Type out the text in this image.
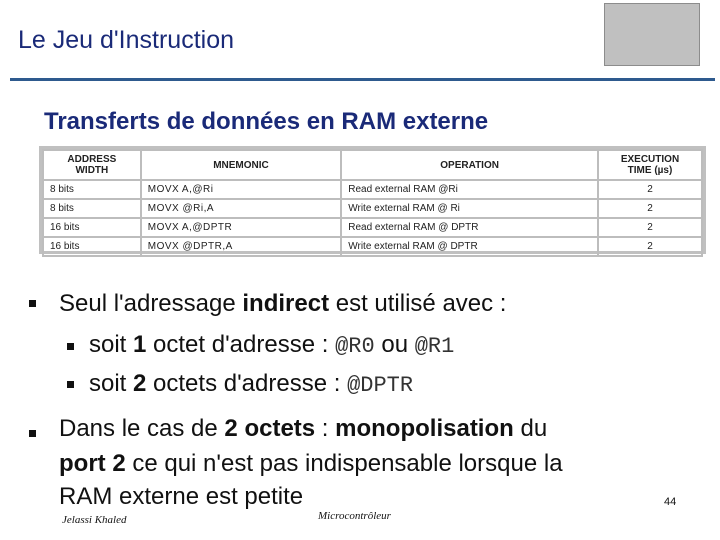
Le Jeu d'Instruction
Transferts de données en RAM externe
ADDRESS
WIDTH	MNEMONIC	OPERATION	EXECUTION
TIME (µs)
8 bits	MOVX A,@Ri	Read external RAM @Ri	2
8 bits	MOVX @Ri,A	Write external RAM @ Ri	2
16 bits	MOVX A,@DPTR	Read external RAM @ DPTR	2
16 bits	MOVX @DPTR,A	Write external RAM @ DPTR	2
Seul l'adressage indirect est utilisé avec :
soit 1 octet d'adresse : @R0 ou @R1
soit 2 octets d'adresse : @DPTR
Dans le cas de 2 octets : monopolisation du
port 2 ce qui n'est pas indispensable lorsque la
RAM externe est petite
Jelassi Khaled	Microcontrôleur
44
